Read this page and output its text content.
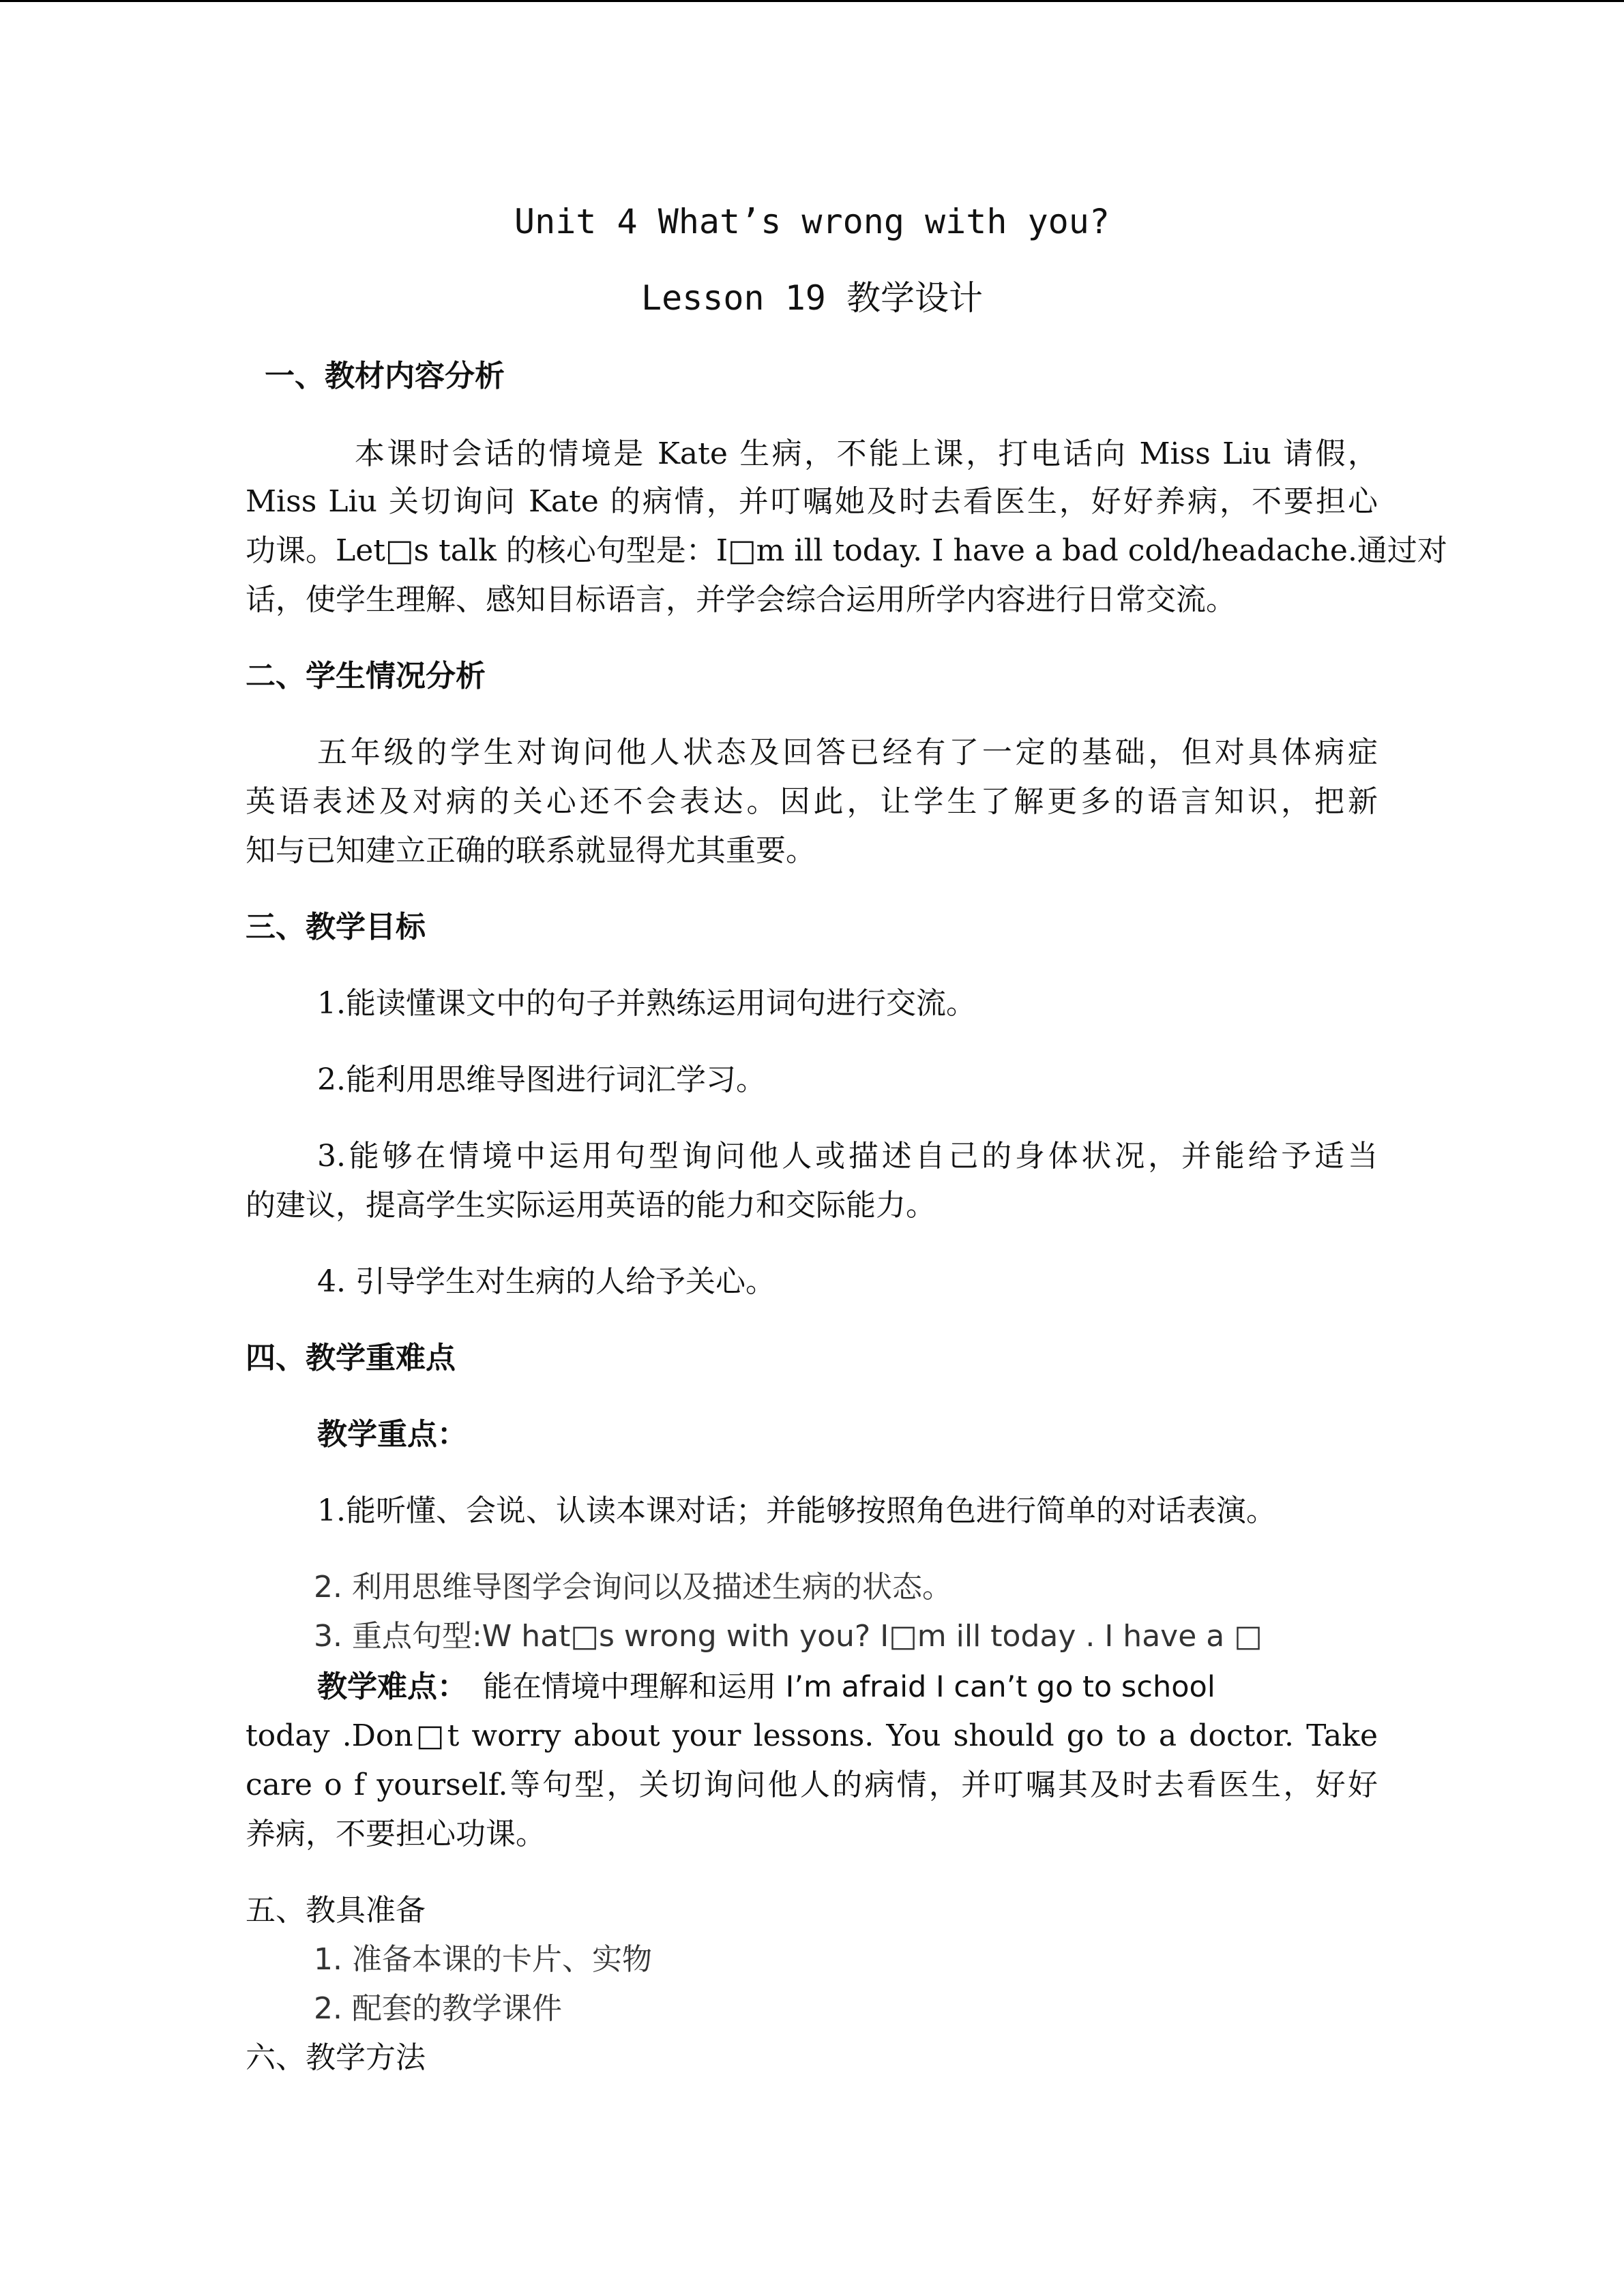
Unit 4 What’s wrong with you?
Lesson 19 教学设计
一、教材内容分析
本课时会话的情境是 Kate 生病，不能上课，打电话向 Miss Liu 请假，
Miss Liu 关切询问 Kate 的病情，并叮嘱她及时去看医生，好好养病，不要担心
功课。Let□s talk 的核心句型是：I□m ill today. I have a bad cold/headache.通过对
话，使学生理解、感知目标语言，并学会综合运用所学内容进行日常交流。
二、学生情况分析
五年级的学生对询问他人状态及回答已经有了一定的基础，但对具体病症
英语表述及对病的关心还不会表达。因此，让学生了解更多的语言知识，把新
知与已知建立正确的联系就显得尤其重要。
三、教学目标
1.能读懂课文中的句子并熟练运用词句进行交流。
2.能利用思维导图进行词汇学习。
3.能够在情境中运用句型询问他人或描述自己的身体状况，并能给予适当
的建议，提高学生实际运用英语的能力和交际能力。
4. 引导学生对生病的人给予关心。
四、教学重难点
教学重点：
1.能听懂、会说、认读本课对话；并能够按照角色进行简单的对话表演。
2. 利用思维导图学会询问以及描述生病的状态。
3. 重点句型:W hat□s wrong with you? I□m ill today . I have a □
教学难点： 能在情境中理解和运用 I’m afraid I can’t go to school
today .Don□t worry about your lessons. You should go to a doctor. Take
care o f yourself.等句型，关切询问他人的病情，并叮嘱其及时去看医生，好好
养病，不要担心功课。
五、教具准备
1. 准备本课的卡片、实物
2. 配套的教学课件
六、教学方法
